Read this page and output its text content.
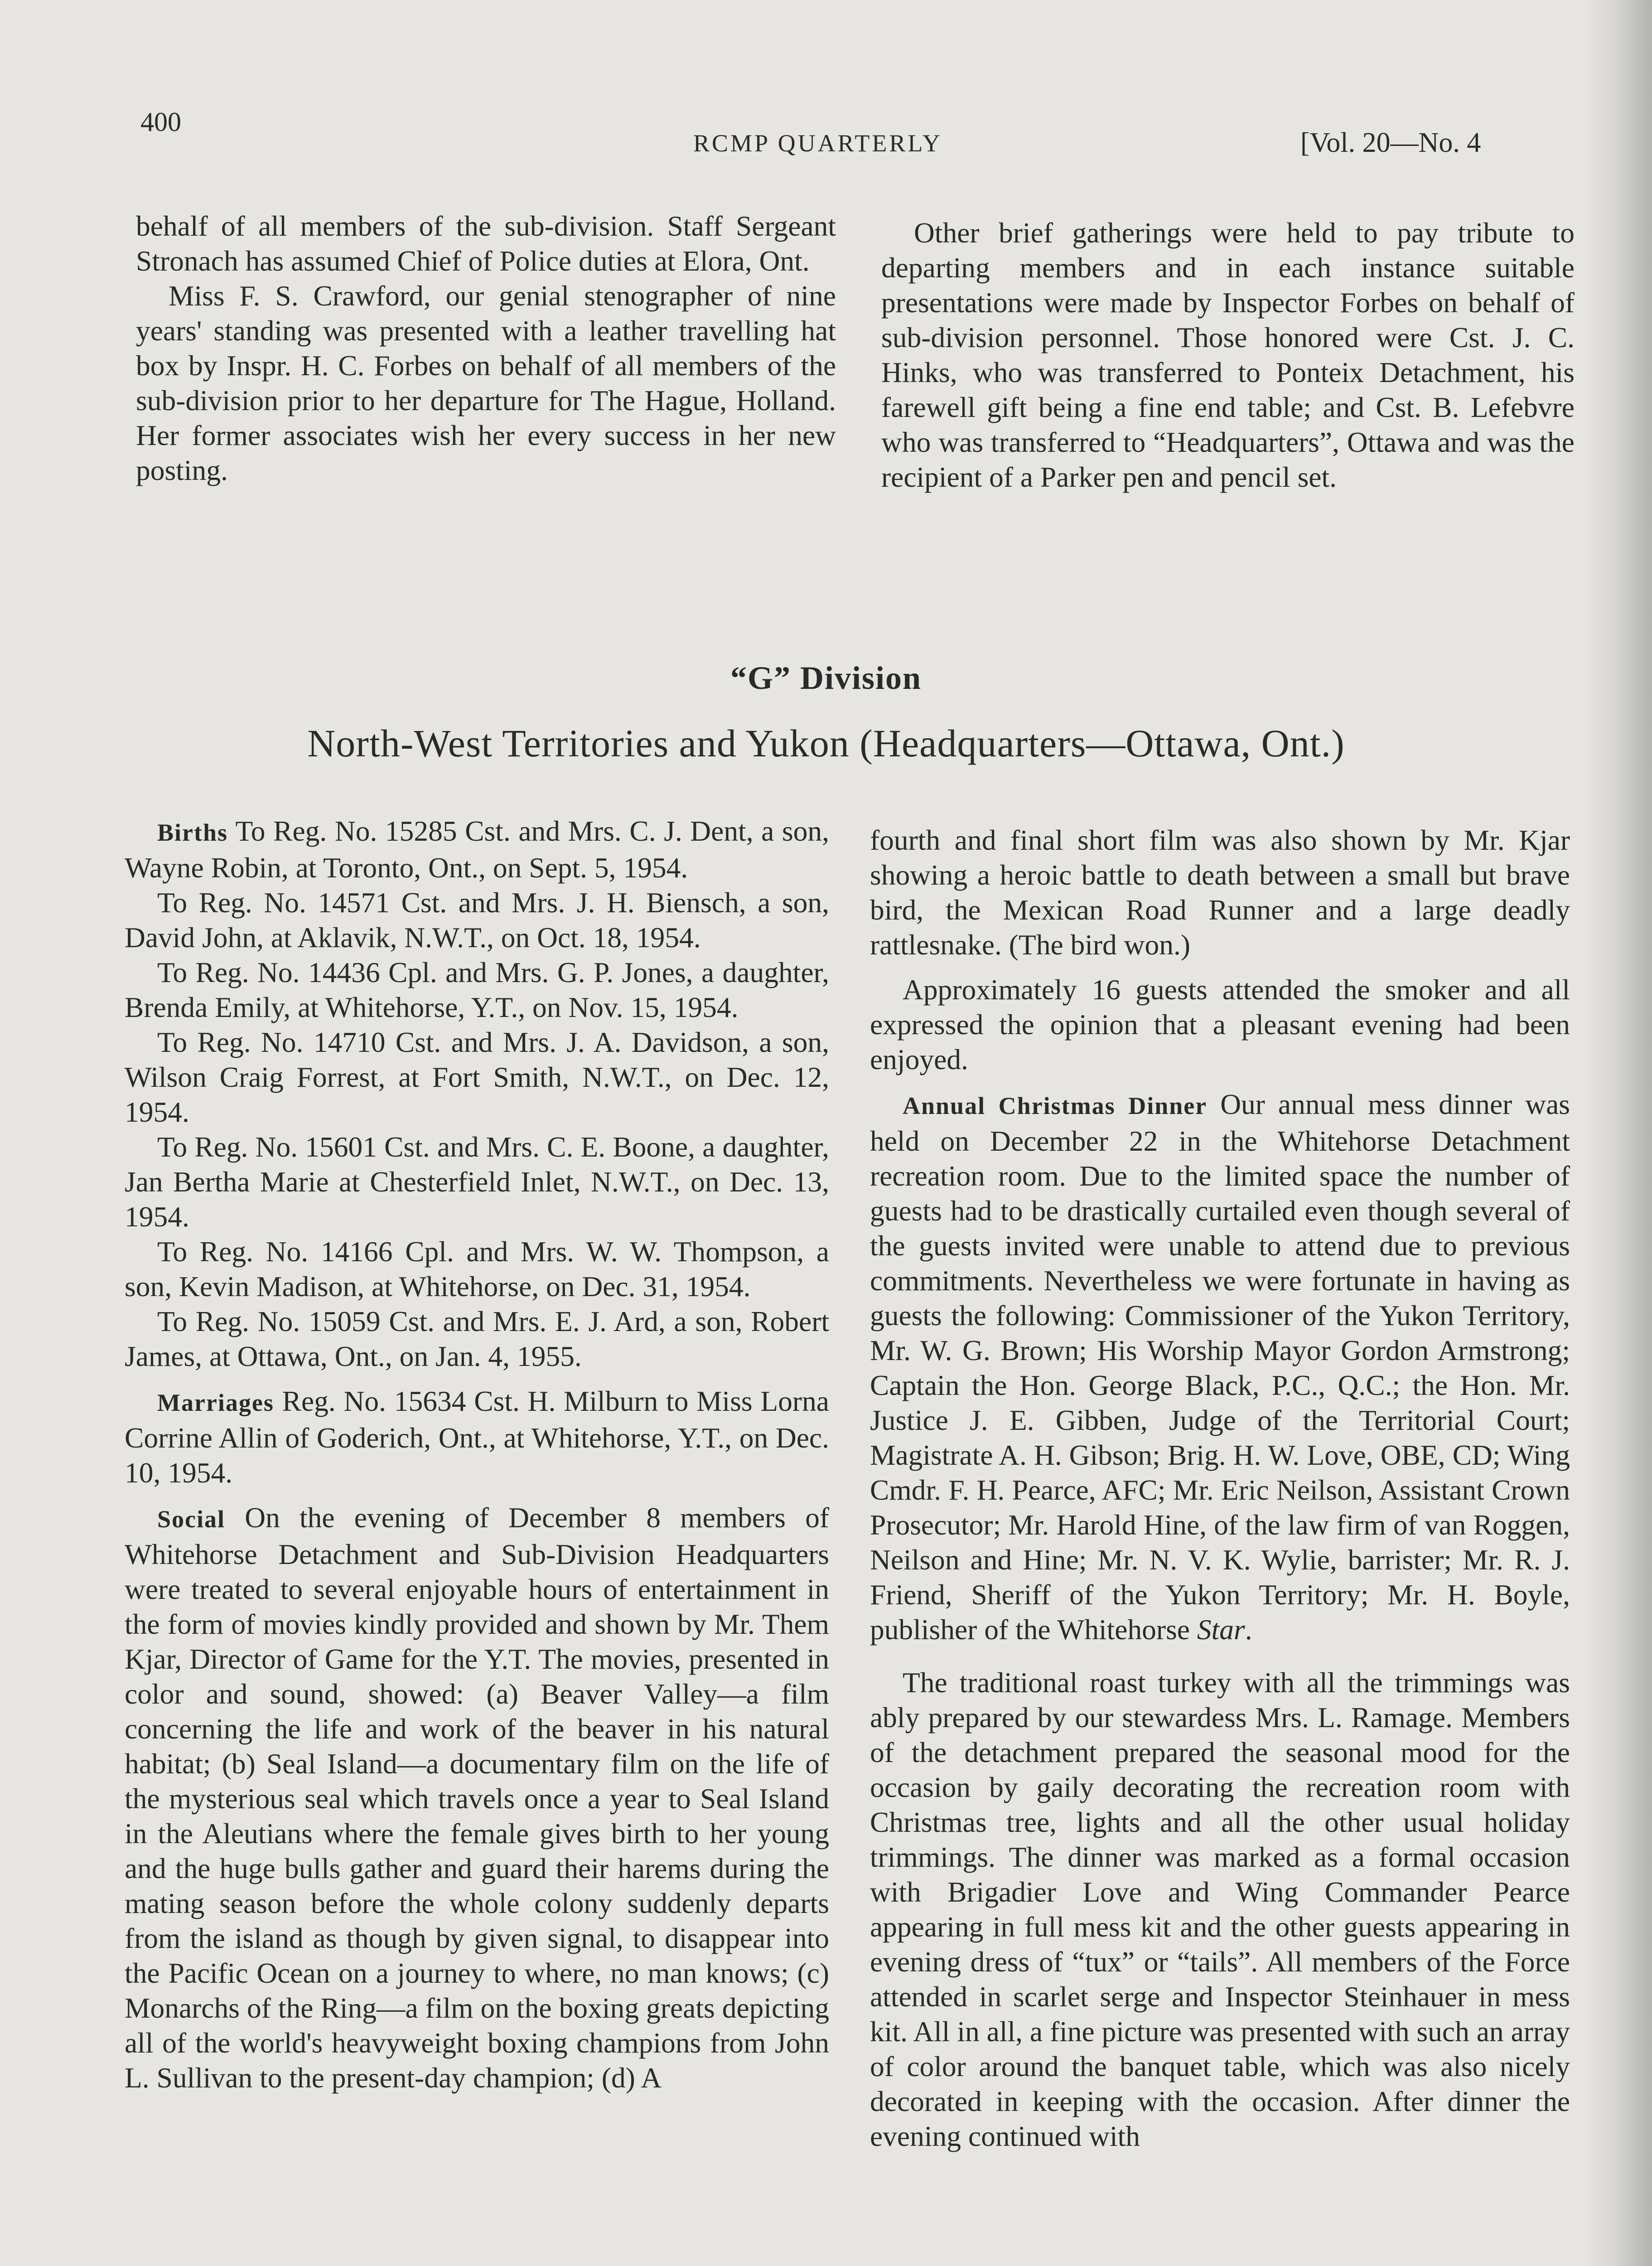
400
RCMP QUARTERLY	[Vol. 20—No. 4

behalf of all members of the sub-division. Staff Sergeant Stronach has assumed Chief of Police duties at Elora, Ont.

Miss F. S. Crawford, our genial stenographer of nine years' standing was presented with a leather travelling hat box by Inspr. H. C. Forbes on behalf of all members of the sub-division prior to her departure for The Hague, Holland. Her former associates wish her every success in her new posting.

Other brief gatherings were held to pay tribute to departing members and in each instance suitable presentations were made by Inspector Forbes on behalf of sub-division personnel. Those honored were Cst. J. C. Hinks, who was transferred to Ponteix Detachment, his farewell gift being a fine end table; and Cst. B. Lefebvre who was transferred to “Headquarters”, Ottawa and was the recipient of a Parker pen and pencil set.

“G” Division
North-West Territories and Yukon (Headquarters—Ottawa, Ont.)

Births To Reg. No. 15285 Cst. and Mrs. C. J. Dent, a son, Wayne Robin, at Toronto, Ont., on Sept. 5, 1954.

To Reg. No. 14571 Cst. and Mrs. J. H. Biensch, a son, David John, at Aklavik, N.W.T., on Oct. 18, 1954.

To Reg. No. 14436 Cpl. and Mrs. G. P. Jones, a daughter, Brenda Emily, at Whitehorse, Y.T., on Nov. 15, 1954.

To Reg. No. 14710 Cst. and Mrs. J. A. Davidson, a son, Wilson Craig Forrest, at Fort Smith, N.W.T., on Dec. 12, 1954.

To Reg. No. 15601 Cst. and Mrs. C. E. Boone, a daughter, Jan Bertha Marie at Chesterfield Inlet, N.W.T., on Dec. 13, 1954.

To Reg. No. 14166 Cpl. and Mrs. W. W. Thompson, a son, Kevin Madison, at Whitehorse, on Dec. 31, 1954.

To Reg. No. 15059 Cst. and Mrs. E. J. Ard, a son, Robert James, at Ottawa, Ont., on Jan. 4, 1955.

Marriages Reg. No. 15634 Cst. H. Milburn to Miss Lorna Corrine Allin of Goderich, Ont., at Whitehorse, Y.T., on Dec. 10, 1954.

Social On the evening of December 8 members of Whitehorse Detachment and Sub-Division Headquarters were treated to several enjoyable hours of entertainment in the form of movies kindly provided and shown by Mr. Them Kjar, Director of Game for the Y.T. The movies, presented in color and sound, showed: (a) Beaver Valley—a film concerning the life and work of the beaver in his natural habitat; (b) Seal Island—a documentary film on the life of the mysterious seal which travels once a year to Seal Island in the Aleutians where the female gives birth to her young and the huge bulls gather and guard their harems during the mating season before the whole colony suddenly departs from the island as though by given signal, to disappear into the Pacific Ocean on a journey to where, no man knows; (c) Monarchs of the Ring—a film on the boxing greats depicting all of the world's heavyweight boxing champions from John L. Sullivan to the present-day champion; (d) A

fourth and final short film was also shown by Mr. Kjar showing a heroic battle to death between a small but brave bird, the Mexican Road Runner and a large deadly rattlesnake. (The bird won.)

Approximately 16 guests attended the smoker and all expressed the opinion that a pleasant evening had been enjoyed.

Annual Christmas Dinner Our annual mess dinner was held on December 22 in the Whitehorse Detachment recreation room. Due to the limited space the number of guests had to be drastically curtailed even though several of the guests invited were unable to attend due to previous commitments. Nevertheless we were fortunate in having as guests the following: Commissioner of the Yukon Territory, Mr. W. G. Brown; His Worship Mayor Gordon Armstrong; Captain the Hon. George Black, P.C., Q.C.; the Hon. Mr. Justice J. E. Gibben, Judge of the Territorial Court; Magistrate A. H. Gibson; Brig. H. W. Love, OBE, CD; Wing Cmdr. F. H. Pearce, AFC; Mr. Eric Neilson, Assistant Crown Prosecutor; Mr. Harold Hine, of the law firm of van Roggen, Neilson and Hine; Mr. N. V. K. Wylie, barrister; Mr. R. J. Friend, Sheriff of the Yukon Territory; Mr. H. Boyle, publisher of the Whitehorse Star.

The traditional roast turkey with all the trimmings was ably prepared by our stewardess Mrs. L. Ramage. Members of the detachment prepared the seasonal mood for the occasion by gaily decorating the recreation room with Christmas tree, lights and all the other usual holiday trimmings. The dinner was marked as a formal occasion with Brigadier Love and Wing Commander Pearce appearing in full mess kit and the other guests appearing in evening dress of “tux” or “tails”. All members of the Force attended in scarlet serge and Inspector Steinhauer in mess kit. All in all, a fine picture was presented with such an array of color around the banquet table, which was also nicely decorated in keeping with the occasion. After dinner the evening continued with
